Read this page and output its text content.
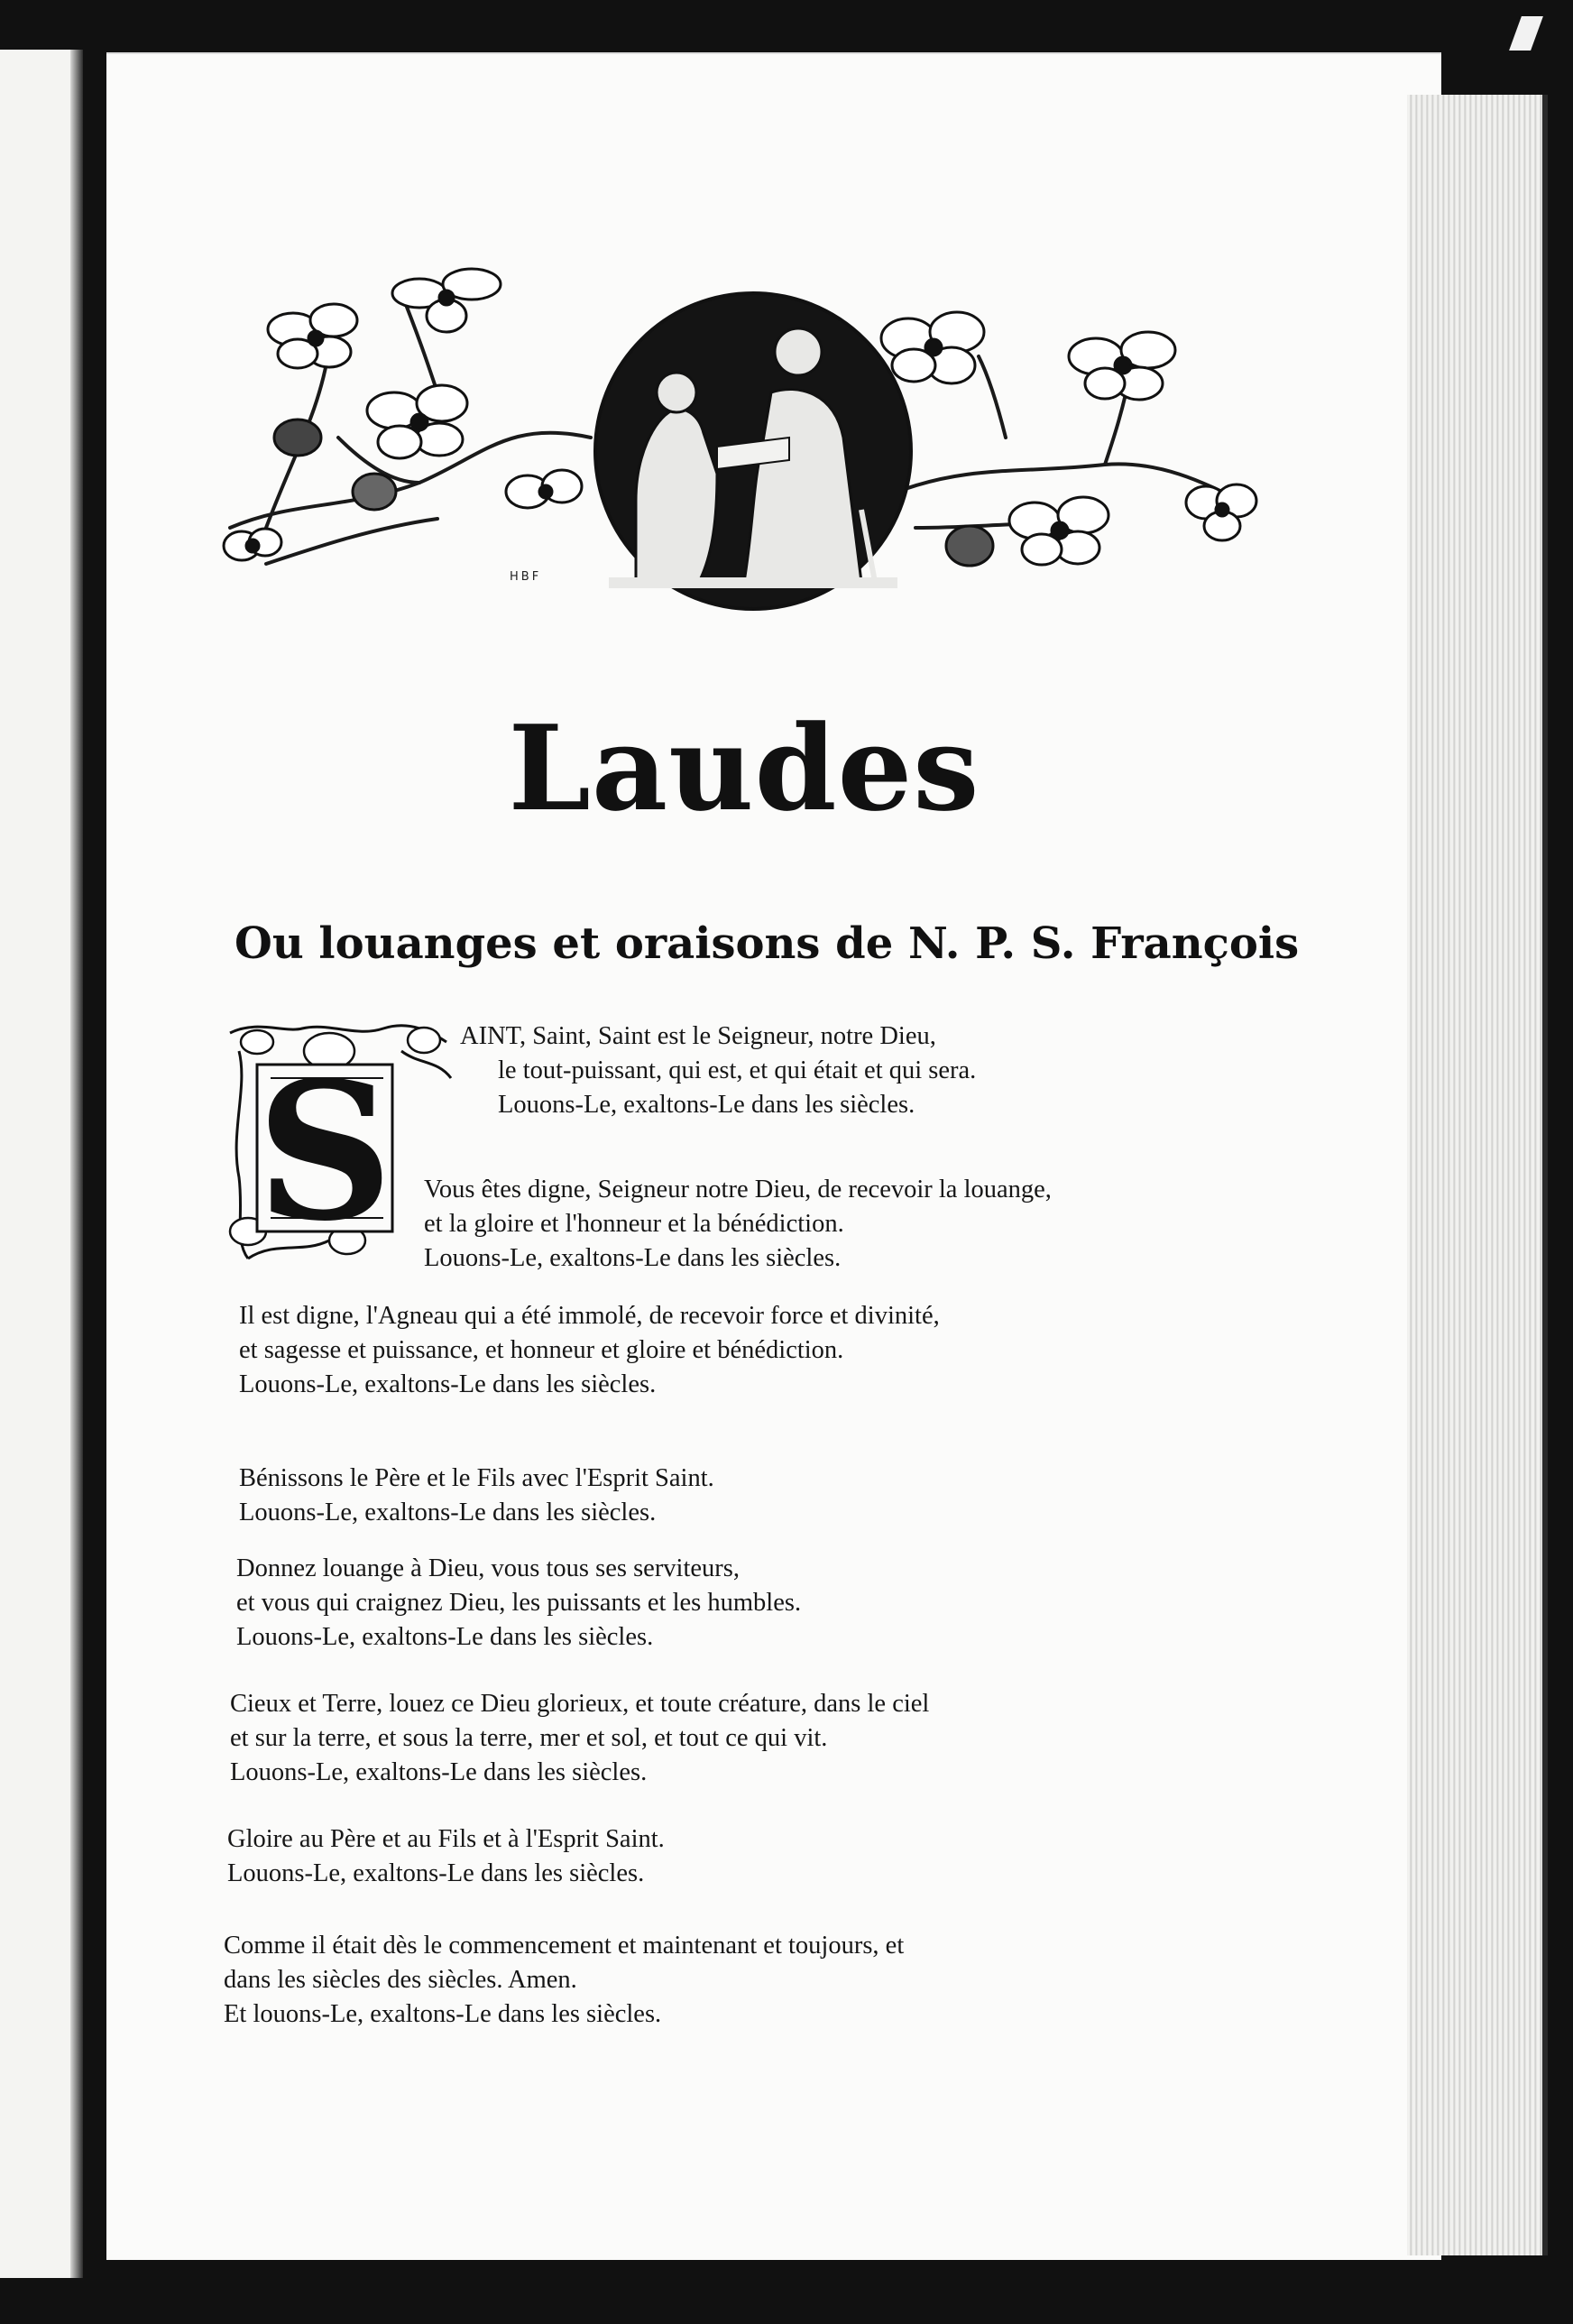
HBF
Laudes
Ou louanges et oraisons de N. P. S. François
S
AINT, Saint, Saint est le Seigneur, notre Dieu,
le tout-puissant, qui est, et qui était et qui sera.
Louons-Le, exaltons-Le dans les siècles.
Vous êtes digne, Seigneur notre Dieu, de recevoir la louange,
et la gloire et l'honneur et la bénédiction.
Louons-Le, exaltons-Le dans les siècles.
Il est digne, l'Agneau qui a été immolé, de recevoir force et divinité,
et sagesse et puissance, et honneur et gloire et bénédiction.
Louons-Le, exaltons-Le dans les siècles.
Bénissons le Père et le Fils avec l'Esprit Saint.
Louons-Le, exaltons-Le dans les siècles.
Donnez louange à Dieu, vous tous ses serviteurs,
et vous qui craignez Dieu, les puissants et les humbles.
Louons-Le, exaltons-Le dans les siècles.
Cieux et Terre, louez ce Dieu glorieux, et toute créature, dans le ciel
et sur la terre, et sous la terre, mer et sol, et tout ce qui vit.
Louons-Le, exaltons-Le dans les siècles.
Gloire au Père et au Fils et à l'Esprit Saint.
Louons-Le, exaltons-Le dans les siècles.
Comme il était dès le commencement et maintenant et toujours, et
dans les siècles des siècles. Amen.
Et louons-Le, exaltons-Le dans les siècles.
